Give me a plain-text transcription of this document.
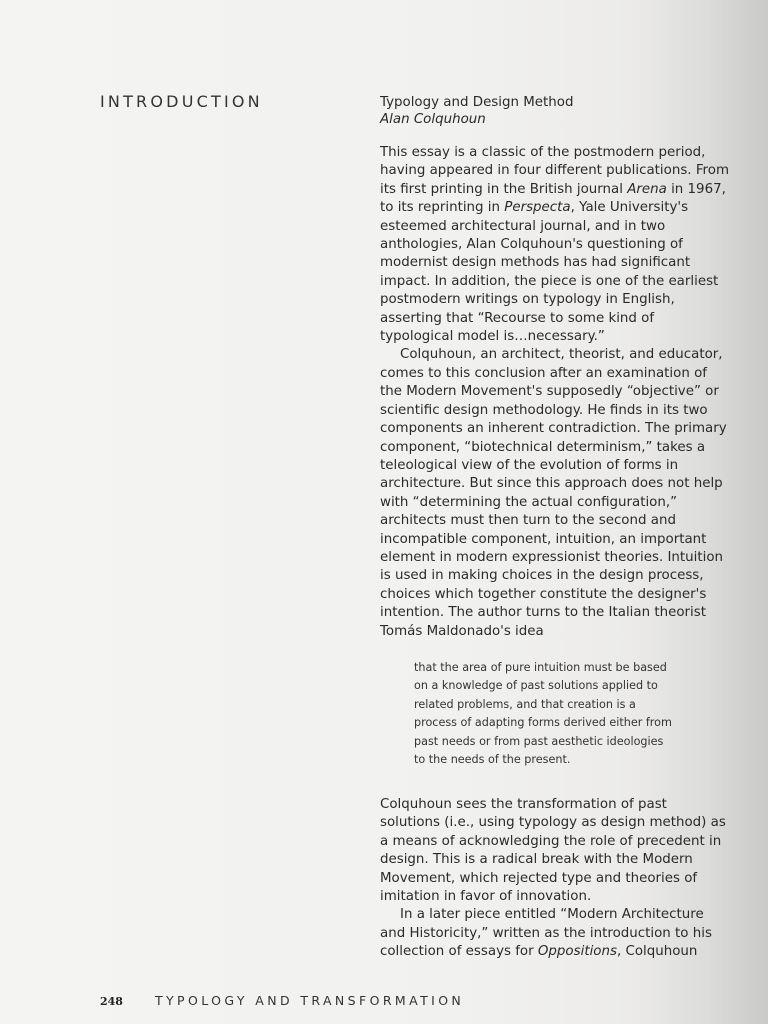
INTRODUCTION	Typology and Design Method

Alan Colquhoun

This essay is a classic of the postmodern period, having appeared in four different publications. From its first printing in the British journal Arena in 1967, to its reprinting in Perspecta, Yale University's esteemed architectural journal, and in two anthologies, Alan Colquhoun's questioning of modernist design methods has had significant impact. In addition, the piece is one of the earliest postmodern writings on typology in English, asserting that “Recourse to some kind of typological model is…necessary.”

Colquhoun, an architect, theorist, and educator, comes to this conclusion after an examination of the Modern Movement's supposedly “objective” or scientific design methodology. He finds in its two components an inherent contradiction. The primary component, “biotechnical determinism,” takes a teleological view of the evolution of forms in architecture. But since this approach does not help with “determining the actual configuration,” architects must then turn to the second and incompatible component, intuition, an important element in modern expressionist theories. Intuition is used in making choices in the design process, choices which together constitute the designer's intention. The author turns to the Italian theorist Tomás Maldonado's idea

that the area of pure intuition must be based
on a knowledge of past solutions applied to
related problems, and that creation is a
process of adapting forms derived either from
past needs or from past aesthetic ideologies
to the needs of the present.

Colquhoun sees the transformation of past solutions (i.e., using typology as design method) as a means of acknowledging the role of precedent in design. This is a radical break with the Modern Movement, which rejected type and theories of imitation in favor of innovation.

In a later piece entitled “Modern Architecture and Historicity,” written as the introduction to his collection of essays for Oppositions, Colquhoun

248	TYPOLOGY AND TRANSFORMATION
